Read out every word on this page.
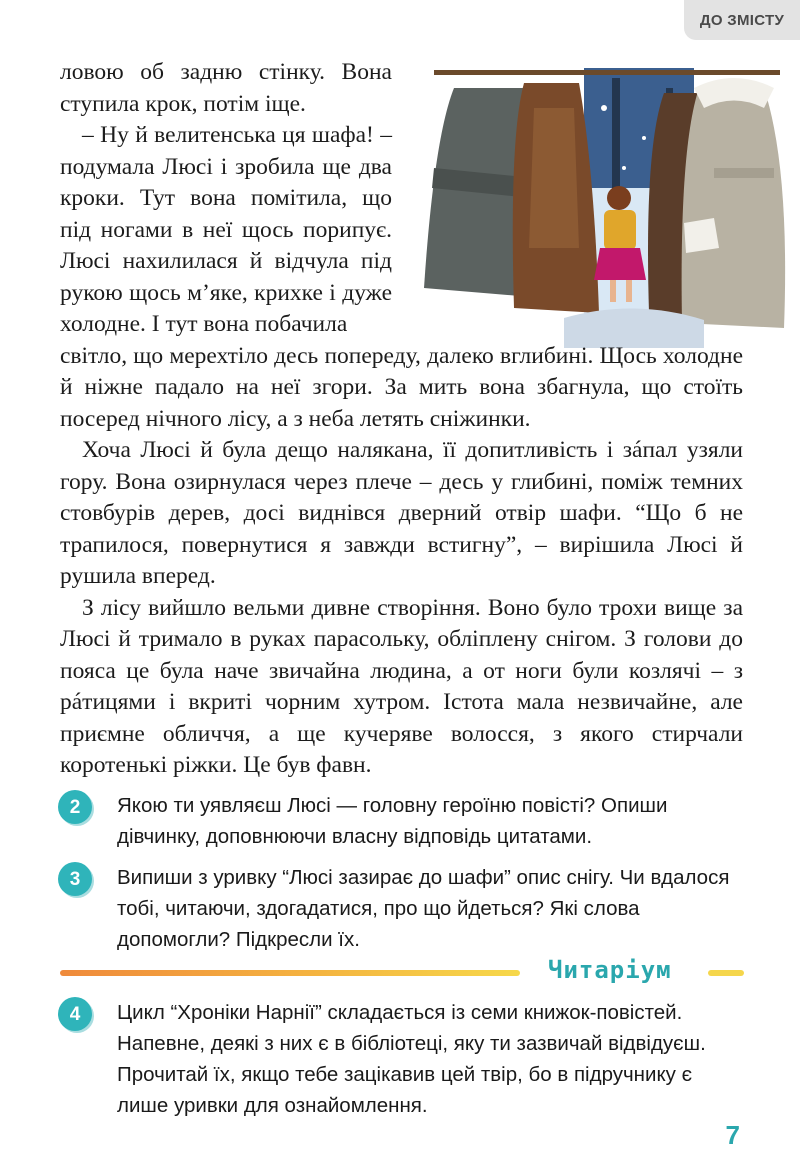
ДО ЗМІСТУ

ловою об задню стінку. Вона ступила крок, потім іще.

– Ну й велитенська ця шафа! – подумала Люсі і зробила ще два кроки. Тут вона помітила, що під ногами в неї щось порипує. Люсі нахилилася й відчула під рукою щось м’яке, крихке і дуже холодне. І тут вона побачила

світло, що мерехтіло десь попереду, далеко вглибині. Щось холодне й ніжне падало на неї згори. За мить вона збагнула, що стоїть посеред нічного лісу, а з неба летять сніжинки.

Хоча Люсі й була дещо налякана, її допитливість і зáпал узяли гору. Вона озирнулася через плече – десь у глибині, поміж темних стовбурів дерев, досі виднівся дверний отвір шафи. “Що б не трапилося, повернутися я завжди встигну”, – вирішила Люсі й рушила вперед.

З лісу вийшло вельми дивне створіння. Воно було трохи вище за Люсі й тримало в руках парасольку, обліплену снігом. З голови до пояса це була наче звичайна людина, а от ноги були козлячі – з рáтицями і вкриті чорним хутром. Істота мала незвичайне, але приємне обличчя, а ще кучеряве волосся, з якого стирчали коротенькі ріжки. Це був фавн.

2	Якою ти уявляєш Люсі — головну героїню повісті? Опиши дівчинку, доповнюючи власну відповідь цитатами.
3	Випиши з уривку “Люсі зазирає до шафи” опис снігу. Чи вдалося тобі, читаючи, здогадатися, про що йдеться? Які слова допомогли? Підкресли їх.
Читаріум
4	Цикл “Хроніки Нарнії” складається із семи книжок-повістей. Напевне, деякі з них є в бібліотеці, яку ти зазвичай відвідуєш. Прочитай їх, якщо тебе зацікавив цей твір, бо в підручнику є лише уривки для ознайомлення.
7
